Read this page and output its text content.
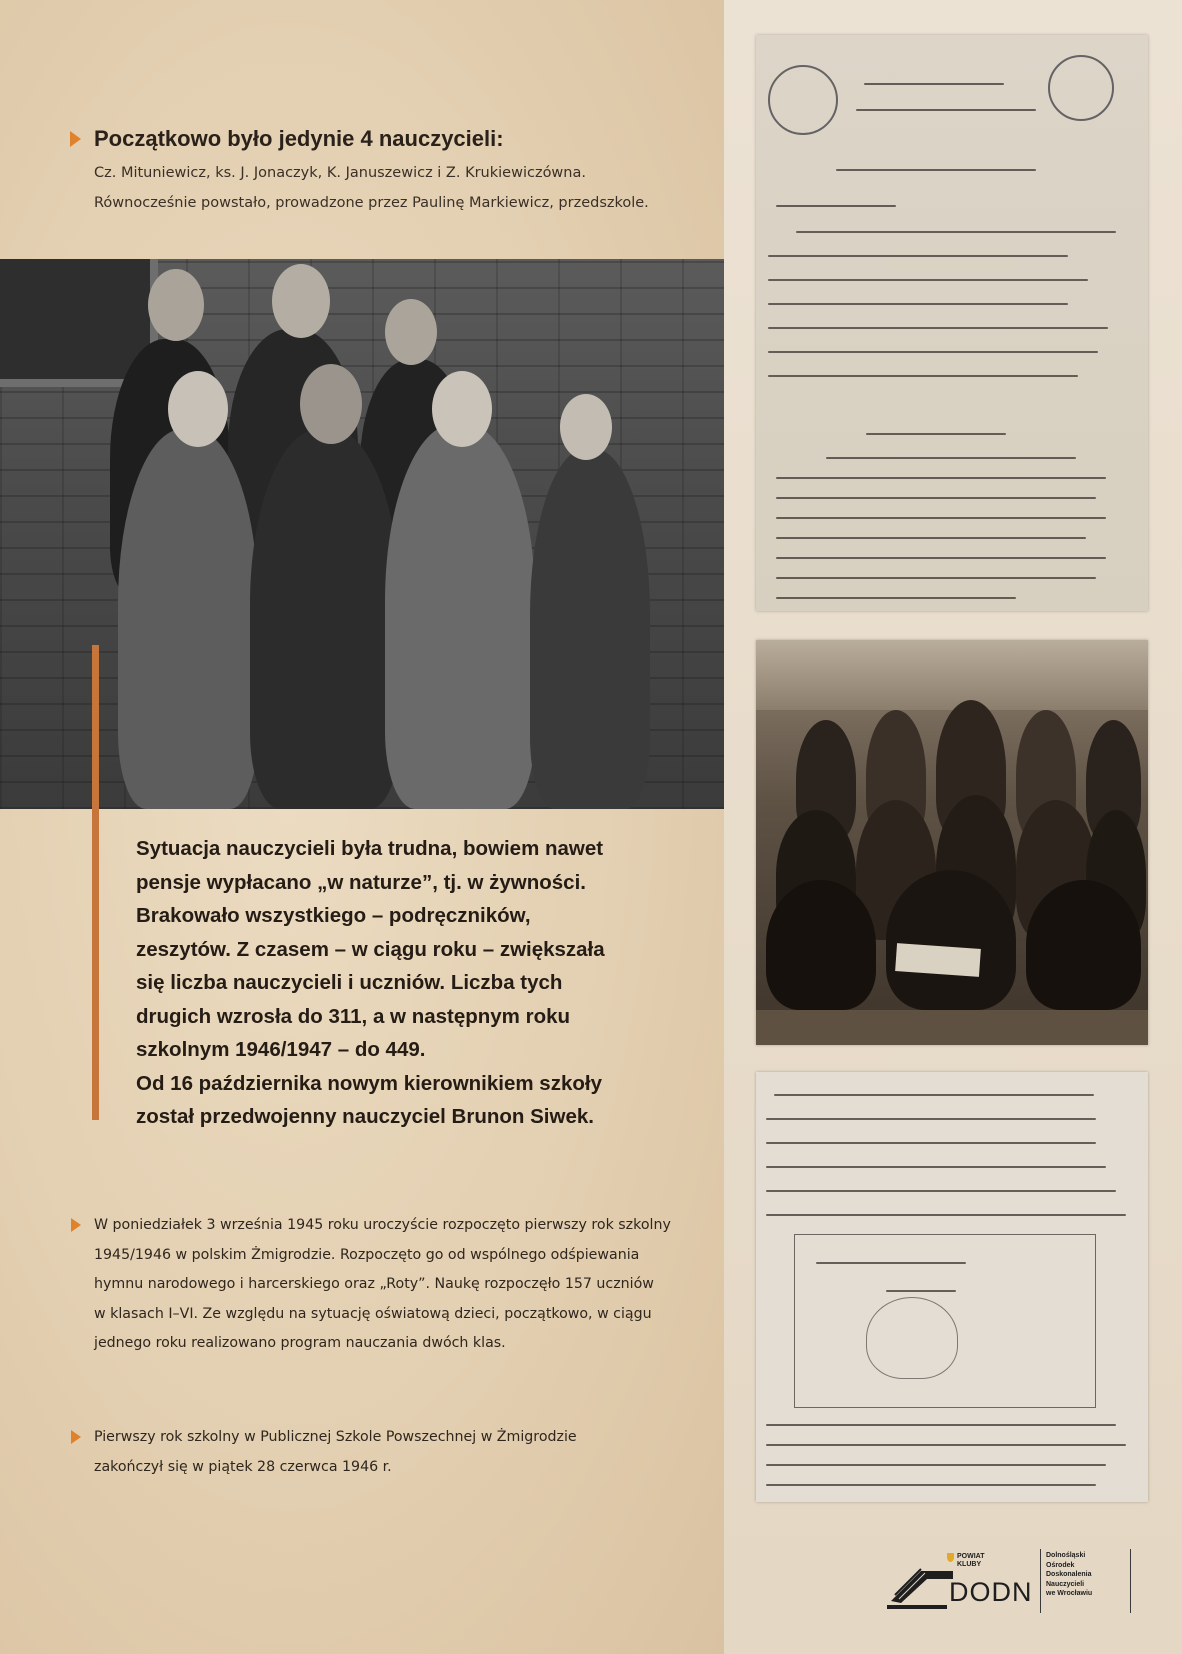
Początkowo było jedynie 4 nauczycieli:
Cz. Mituniewicz, ks. J. Jonaczyk, K. Januszewicz i Z. Krukiewiczówna.
Równocześnie powstało, prowadzone przez Paulinę Markiewicz, przedszkole.
Sytuacja nauczycieli była trudna, bowiem nawet
pensje wypłacano „w naturze”, tj. w żywności.
Brakowało wszystkiego – podręczników,
zeszytów. Z czasem – w ciągu roku – zwiększała
się liczba nauczycieli i uczniów. Liczba tych
drugich wzrosła do 311, a w następnym roku
szkolnym 1946/1947 – do 449.
Od 16 października nowym kierownikiem szkoły
został przedwojenny nauczyciel Brunon Siwek.
W poniedziałek 3 września 1945 roku uroczyście rozpoczęto pierwszy rok szkolny
1945/1946 w polskim Żmigrodzie. Rozpoczęto go od wspólnego odśpiewania
hymnu narodowego i harcerskiego oraz „Roty”. Naukę rozpoczęło 157 uczniów
w klasach I–VI. Ze względu na sytuację oświatową dzieci, początkowo, w ciągu
jednego roku realizowano program nauczania dwóch klas.
Pierwszy rok szkolny w Publicznej Szkole Powszechnej w Żmigrodzie
zakończył się w piątek 28 czerwca 1946 r.
POWIAT
KLUBY
DODN
Dolnośląski
Ośrodek
Doskonalenia
Nauczycieli
we Wrocławiu
